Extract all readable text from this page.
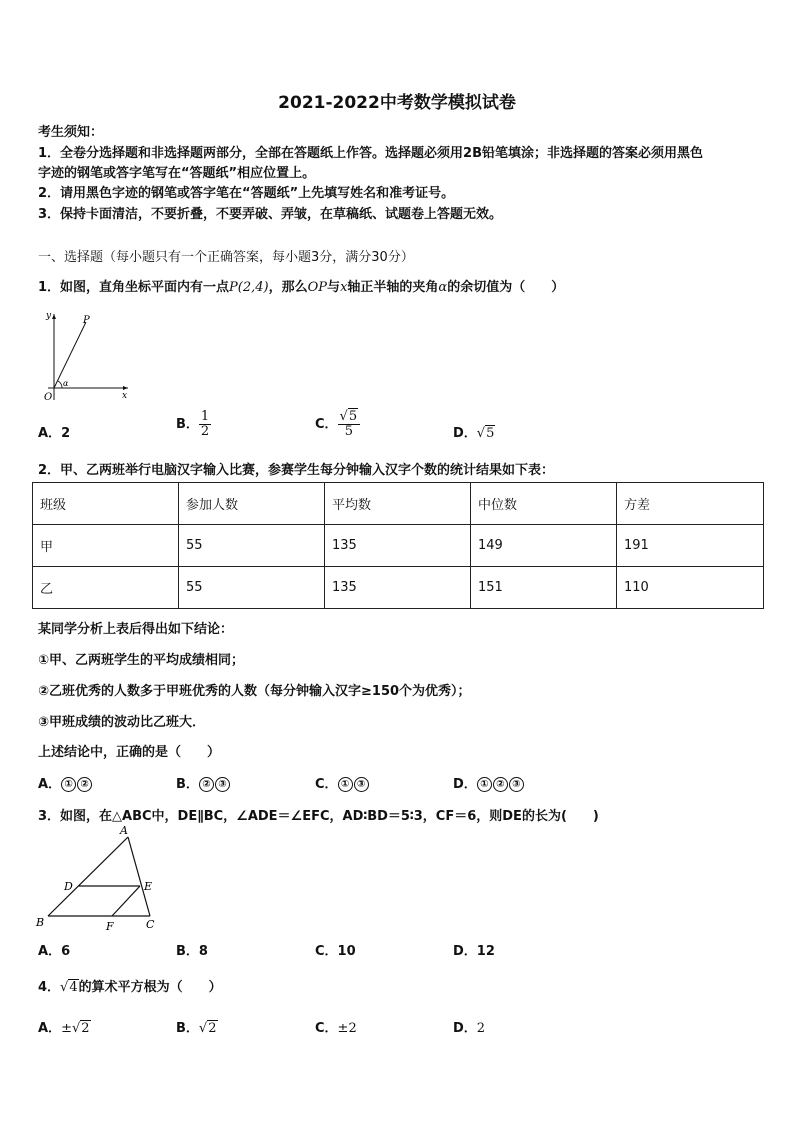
2021-2022中考数学模拟试卷
考生须知：
1．全卷分选择题和非选择题两部分，全部在答题纸上作答。选择题必须用2B铅笔填涂；非选择题的答案必须用黑色
字迹的钢笔或答字笔写在“答题纸”相应位置上。
2．请用黑色字迹的钢笔或答字笔在“答题纸”上先填写姓名和准考证号。
3．保持卡面清洁，不要折叠，不要弄破、弄皱，在草稿纸、试题卷上答题无效。
一、选择题（每小题只有一个正确答案，每小题3分，满分30分）
1．如图，直角坐标平面内有一点P(2,4)，那么OP与x轴正半轴的夹角α的余切值为（　　）
y	P
O	x
α
A．2
B． $\frac{1}{2}$	C． $\frac{√5}{5}$	D．√5
2．甲、乙两班举行电脑汉字输入比赛，参赛学生每分钟输入汉字个数的统计结果如下表：
班级	参加人数	平均数	中位数	方差
甲	55	135	149	191
乙	55	135	151	110
某同学分析上表后得出如下结论：
①甲、乙两班学生的平均成绩相同；
②乙班优秀的人数多于甲班优秀的人数（每分钟输入汉字≥150个为优秀）；
③甲班成绩的波动比乙班大．
上述结论中，正确的是（　　）
A． ① ②	B． ② ③	C． ① ③	D． ① ② ③
3．如图，在△ABC中，DE∥BC，∠ADE＝∠EFC，AD∶BD＝5∶3，CF＝6，则DE的长为(　　)
A
B	C
D	E
F
A．6	B．8	C．10	D．12
4．√4的算术平方根为（　　）
A．±√2	B．√2	C．±2	D．2
